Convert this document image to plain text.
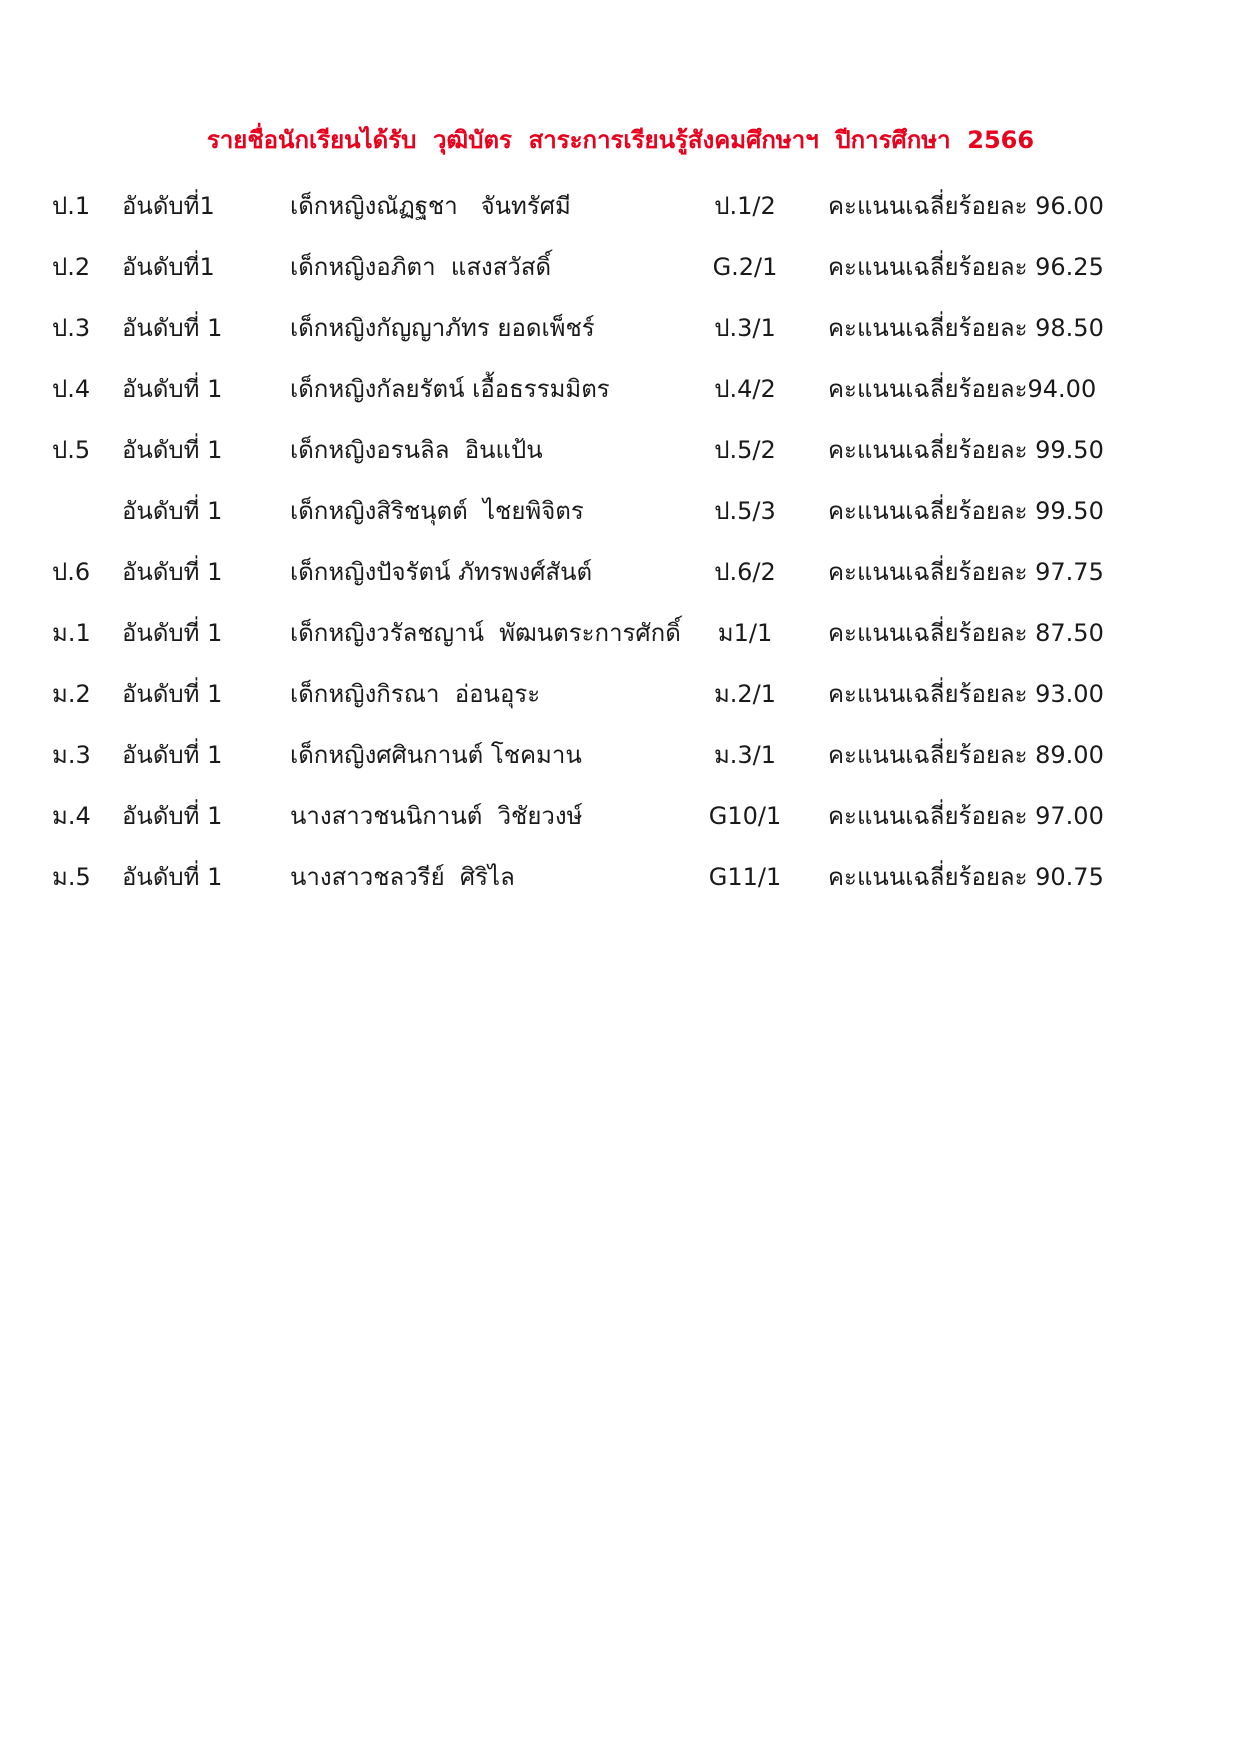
รายชื่อนักเรียนได้รับ  วุฒิบัตร  สาระการเรียนรู้สังคมศึกษาฯ  ปีการศึกษา  2566
ป.1 อันดับที่1	เด็กหญิงณัฏฐชา   จันทรัศมี	ป.1/2	คะแนนเฉลี่ยร้อยละ 96.00
ป.2 อันดับที่1	เด็กหญิงอภิตา  แสงสวัสดิ์	G.2/1	คะแนนเฉลี่ยร้อยละ 96.25
ป.3 อันดับที่ 1	เด็กหญิงกัญญาภัทร ยอดเพ็ชร์	ป.3/1	คะแนนเฉลี่ยร้อยละ 98.50
ป.4 อันดับที่ 1	เด็กหญิงกัลยรัตน์ เอื้อธรรมมิตร	ป.4/2	คะแนนเฉลี่ยร้อยละ94.00
ป.5 อันดับที่ 1	เด็กหญิงอรนลิล  อินแป้น	ป.5/2	คะแนนเฉลี่ยร้อยละ 99.50
อันดับที่ 1	เด็กหญิงสิริชนุตต์  ไชยพิจิตร	ป.5/3	คะแนนเฉลี่ยร้อยละ 99.50
ป.6 อันดับที่ 1	เด็กหญิงปัจรัตน์ ภัทรพงศ์สันต์	ป.6/2	คะแนนเฉลี่ยร้อยละ 97.75
ม.1 อันดับที่ 1	เด็กหญิงวรัลชญาน์  พัฒนตระการศักดิ์	ม1/1	คะแนนเฉลี่ยร้อยละ 87.50
ม.2 อันดับที่ 1	เด็กหญิงกิรณา  อ่อนอุระ	ม.2/1	คะแนนเฉลี่ยร้อยละ 93.00
ม.3 อันดับที่ 1	เด็กหญิงศศินกานต์ โชคมาน	ม.3/1	คะแนนเฉลี่ยร้อยละ 89.00
ม.4 อันดับที่ 1	นางสาวชนนิกานต์  วิชัยวงษ์	G10/1	คะแนนเฉลี่ยร้อยละ 97.00
ม.5 อันดับที่ 1	นางสาวชลวรีย์  ศิริไล	G11/1	คะแนนเฉลี่ยร้อยละ 90.75
